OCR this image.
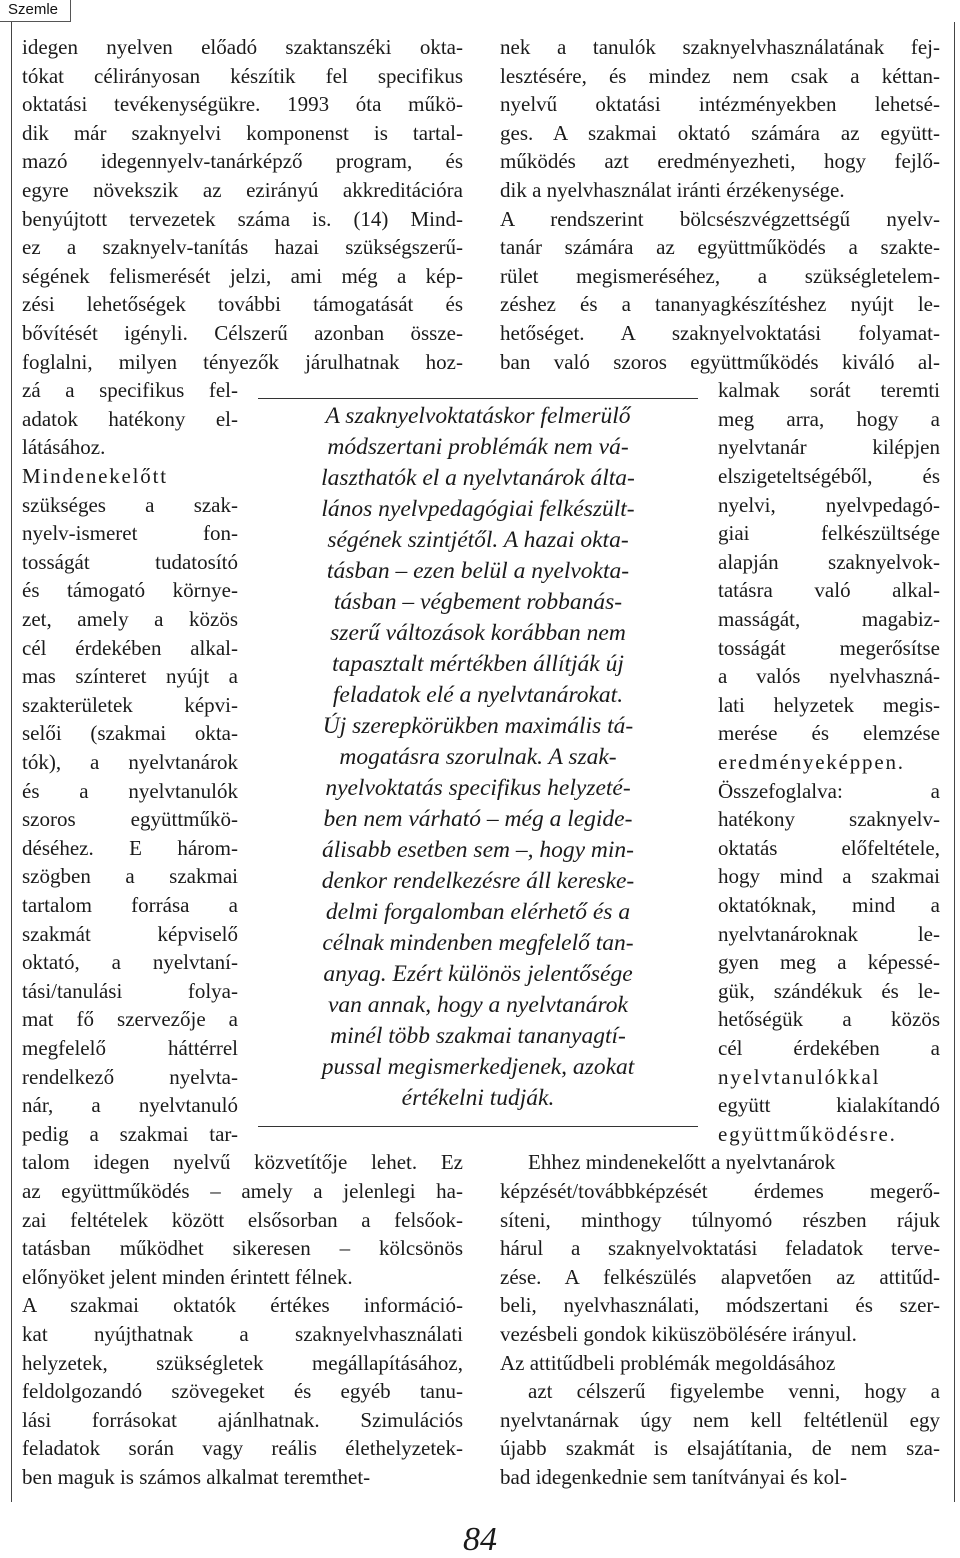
Szemle
idegen nyelven előadó szaktanszéki okta-
tókat célirányosan készítik fel specifikus
oktatási tevékenységükre. 1993 óta műkö-
dik már szaknyelvi komponenst is tartal-
mazó idegennyelv-tanárképző program, és
egyre növekszik az ezirányú akkreditációra
benyújtott tervezetek száma is. (14) Mind-
ez a szaknyelv-tanítás hazai szükségszerű-
ségének felismerését jelzi, ami még a kép-
zési lehetőségek további támogatását és
bővítését igényli. Célszerű azonban össze-
foglalni, milyen tényezők járulhatnak hoz-
zá a specifikus fel-
adatok hatékony el-
látásához.
Mindenekelőtt
szükséges a szak-
nyelv-ismeret fon-
tosságát tudatosító
és támogató környe-
zet, amely a közös
cél érdekében alkal-
mas színteret nyújt a
szakterületek képvi-
selői (szakmai okta-
tók), a nyelvtanárok
és a nyelvtanulók
szoros együttműkö-
déséhez. E három-
szögben a szakmai
tartalom forrása a
szakmát képviselő
oktató, a nyelvtaní-
tási/tanulási folya-
mat fő szervezője a
megfelelő háttérrel
rendelkező nyelvta-
nár, a nyelvtanuló
pedig a szakmai tar-
talom idegen nyelvű közvetítője lehet. Ez
az együttműködés – amely a jelenlegi ha-
zai feltételek között elsősorban a felsőok-
tatásban működhet sikeresen – kölcsönös
előnyöket jelent minden érintett félnek.
A szakmai oktatók értékes információ-
kat nyújthatnak a szaknyelvhasználati
helyzetek, szükségletek megállapításához,
feldolgozandó szövegeket és egyéb tanu-
lási forrásokat ajánlhatnak. Szimulációs
feladatok során vagy reális élethelyzetek-
ben maguk is számos alkalmat teremthet-
nek a tanulók szaknyelvhasználatának fej-
lesztésére, és mindez nem csak a kéttan-
nyelvű oktatási intézményekben lehetsé-
ges. A szakmai oktató számára az együtt-
működés azt eredményezheti, hogy fejlő-
dik a nyelvhasználat iránti érzékenysége.
A rendszerint bölcsészvégzettségű nyelv-
tanár számára az együttműködés a szakte-
rület megismeréséhez, a szükségletelem-
zéshez és a tananyagkészítéshez nyújt le-
hetőséget. A szaknyelvoktatási folyamat-
ban való szoros együttműködés kiváló al-
kalmak sorát teremti
meg arra, hogy a
nyelvtanár kilépjen
elszigeteltségéből, és
nyelvi, nyelvpedagó-
giai felkészültsége
alapján szaknyelvok-
tatásra való alkal-
masságát, magabiz-
tosságát megerősítse
a valós nyelvhaszná-
lati helyzetek megis-
merése és elemzése
eredményeképpen.
Összefoglalva: a
hatékony szaknyelv-
oktatás előfeltétele,
hogy mind a szakmai
oktatóknak, mind a
nyelvtanároknak le-
gyen meg a képessé-
gük, szándékuk és le-
hetőségük a közös
cél érdekében a
nyelvtanulókkal
együtt kialakítandó
együttműködésre.
Ehhez mindenekelőtt a nyelvtanárok
képzését/továbbképzését érdemes megerő-
síteni, minthogy túlnyomó részben rájuk
hárul a szaknyelvoktatási feladatok terve-
zése. A felkészülés alapvetően az attitűd-
beli, nyelvhasználati, módszertani és szer-
vezésbeli gondok kiküszöbölésére irányul.
Az attitűdbeli problémák megoldásához
azt célszerű figyelembe venni, hogy a
nyelvtanárnak úgy nem kell feltétlenül egy
újabb szakmát is elsajátítania, de nem sza-
bad idegenkednie sem tanítványai és kol-
A szaknyelvoktatáskor felmerülő
módszertani problémák nem vá-
laszthatók el a nyelvtanárok álta-
lános nyelvpedagógiai felkészült-
ségének szintjétől. A hazai okta-
tásban – ezen belül a nyelvokta-
tásban – végbement robbanás-
szerű változások korábban nem
tapasztalt mértékben állítják új
feladatok elé a nyelvtanárokat.
Új szerepkörükben maximális tá-
mogatásra szorulnak. A szak-
nyelvoktatás specifikus helyzeté-
ben nem várható – még a legide-
álisabb esetben sem –, hogy min-
denkor rendelkezésre áll kereske-
delmi forgalomban elérhető és a
célnak mindenben megfelelő tan-
anyag. Ezért különös jelentősége
van annak, hogy a nyelvtanárok
minél több szakmai tananyagtí-
pussal megismerkedjenek, azokat
értékelni tudják.
84
